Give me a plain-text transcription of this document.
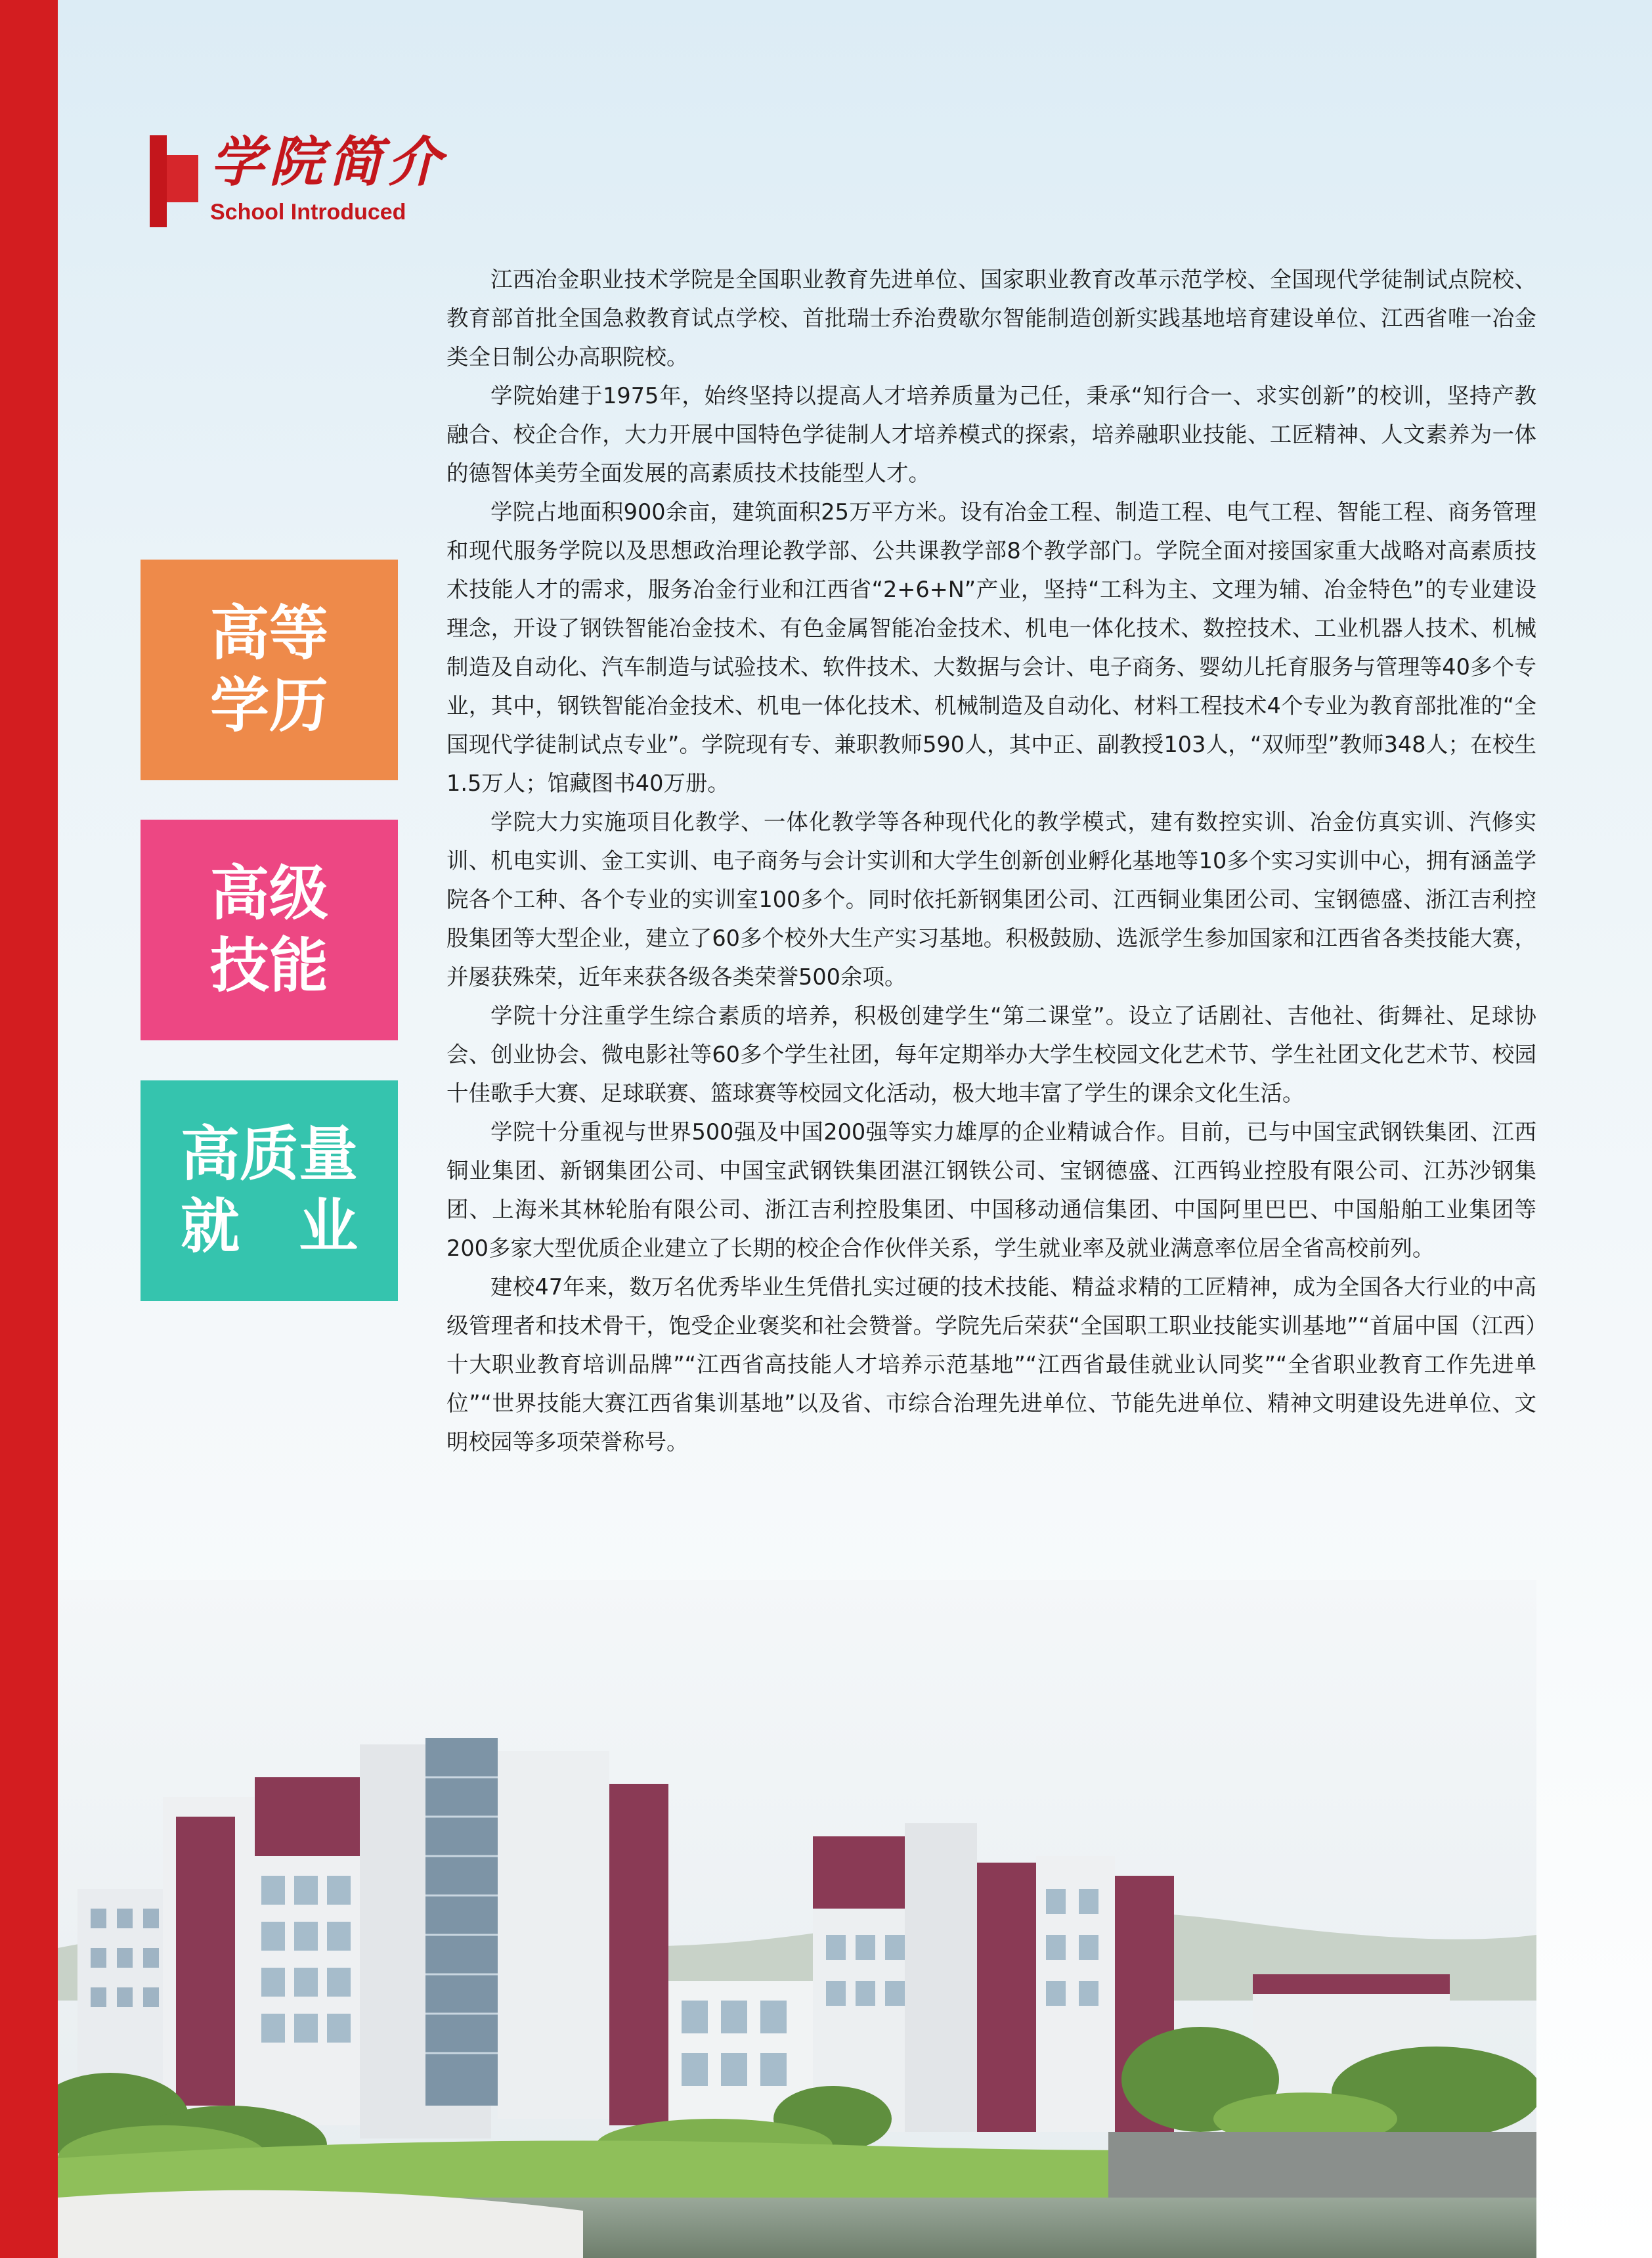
学院简介
School Introduced
高等
学历
高级
技能
高质量
就　业

江西冶金职业技术学院是全国职业教育先进单位、国家职业教育改革示范学校、全国现代学徒制试点院校、教育部首批全国急救教育试点学校、首批瑞士乔治费歇尔智能制造创新实践基地培育建设单位、江西省唯一冶金类全日制公办高职院校。

学院始建于1975年，始终坚持以提高人才培养质量为己任，秉承“知行合一、求实创新”的校训，坚持产教融合、校企合作，大力开展中国特色学徒制人才培养模式的探索，培养融职业技能、工匠精神、人文素养为一体的德智体美劳全面发展的高素质技术技能型人才。

学院占地面积900余亩，建筑面积25万平方米。设有冶金工程、制造工程、电气工程、智能工程、商务管理和现代服务学院以及思想政治理论教学部、公共课教学部8个教学部门。学院全面对接国家重大战略对高素质技术技能人才的需求，服务冶金行业和江西省“2+6+N”产业，坚持“工科为主、文理为辅、冶金特色”的专业建设理念，开设了钢铁智能冶金技术、有色金属智能冶金技术、机电一体化技术、数控技术、工业机器人技术、机械制造及自动化、汽车制造与试验技术、软件技术、大数据与会计、电子商务、婴幼儿托育服务与管理等40多个专业，其中，钢铁智能冶金技术、机电一体化技术、机械制造及自动化、材料工程技术4个专业为教育部批准的“全国现代学徒制试点专业”。学院现有专、兼职教师590人，其中正、副教授103人，“双师型”教师348人；在校生1.5万人；馆藏图书40万册。

学院大力实施项目化教学、一体化教学等各种现代化的教学模式，建有数控实训、冶金仿真实训、汽修实训、机电实训、金工实训、电子商务与会计实训和大学生创新创业孵化基地等10多个实习实训中心，拥有涵盖学院各个工种、各个专业的实训室100多个。同时依托新钢集团公司、江西铜业集团公司、宝钢德盛、浙江吉利控股集团等大型企业，建立了60多个校外大生产实习基地。积极鼓励、选派学生参加国家和江西省各类技能大赛，并屡获殊荣，近年来获各级各类荣誉500余项。

学院十分注重学生综合素质的培养，积极创建学生“第二课堂”。设立了话剧社、吉他社、街舞社、足球协会、创业协会、微电影社等60多个学生社团，每年定期举办大学生校园文化艺术节、学生社团文化艺术节、校园十佳歌手大赛、足球联赛、篮球赛等校园文化活动，极大地丰富了学生的课余文化生活。

学院十分重视与世界500强及中国200强等实力雄厚的企业精诚合作。目前，已与中国宝武钢铁集团、江西铜业集团、新钢集团公司、中国宝武钢铁集团湛江钢铁公司、宝钢德盛、江西钨业控股有限公司、江苏沙钢集团、上海米其林轮胎有限公司、浙江吉利控股集团、中国移动通信集团、中国阿里巴巴、中国船舶工业集团等200多家大型优质企业建立了长期的校企合作伙伴关系，学生就业率及就业满意率位居全省高校前列。

建校47年来，数万名优秀毕业生凭借扎实过硬的技术技能、精益求精的工匠精神，成为全国各大行业的中高级管理者和技术骨干，饱受企业褒奖和社会赞誉。学院先后荣获“全国职工职业技能实训基地”“首届中国（江西）十大职业教育培训品牌”“江西省高技能人才培养示范基地”“江西省最佳就业认同奖”“全省职业教育工作先进单位”“世界技能大赛江西省集训基地”以及省、市综合治理先进单位、节能先进单位、精神文明建设先进单位、文明校园等多项荣誉称号。
